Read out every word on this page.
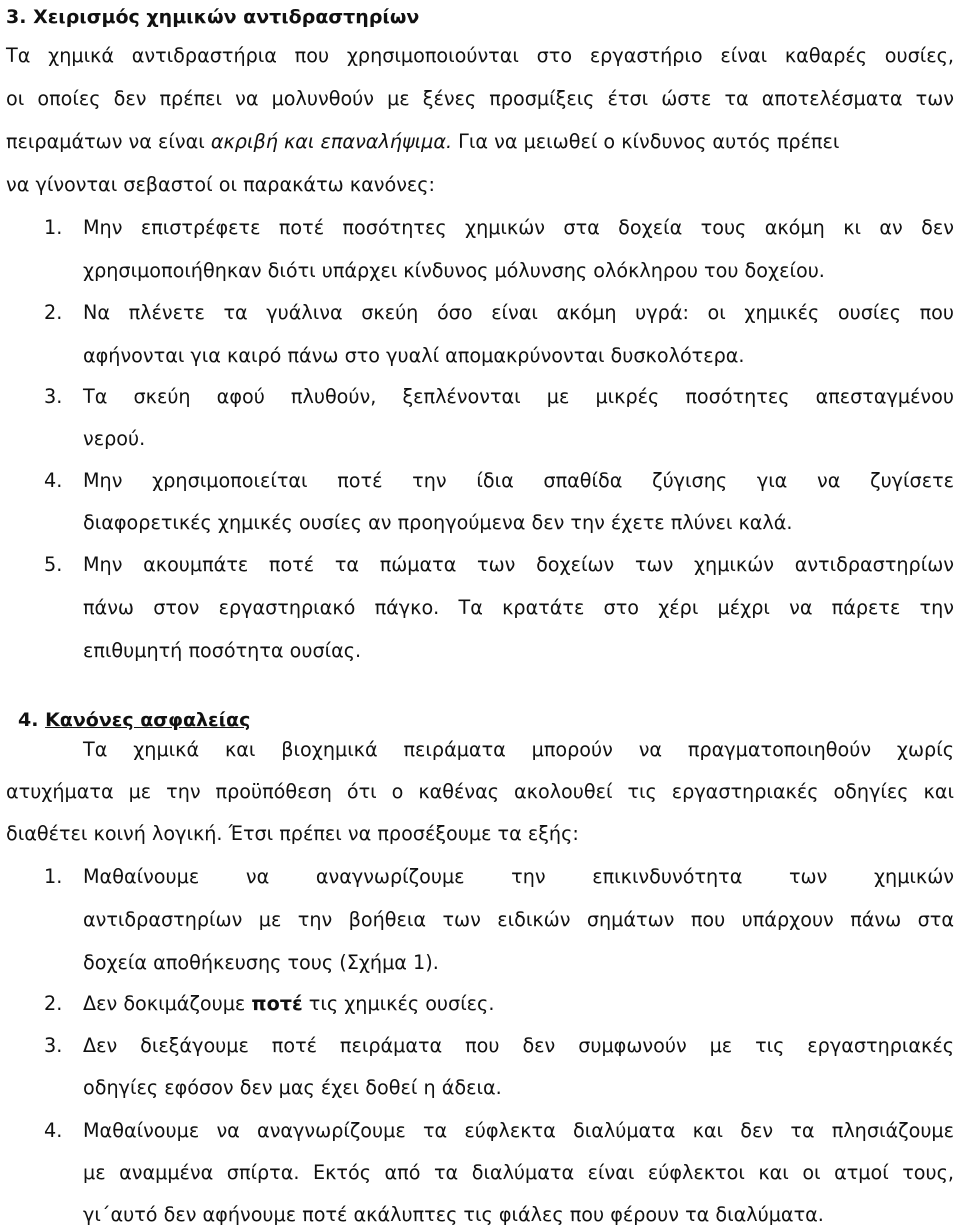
3. Χειρισμός χημικών αντιδραστηρίων
Τα χημικά αντιδραστήρια που χρησιμοποιούνται στο εργαστήριο είναι καθαρές ουσίες,
οι οποίες δεν πρέπει να μολυνθούν με ξένες προσμίξεις έτσι ώστε τα αποτελέσματα των
πειραμάτων να είναι ακριβή και επαναλήψιμα. Για να μειωθεί ο κίνδυνος αυτός πρέπει
να γίνονται σεβαστοί οι παρακάτω κανόνες:
1. Μην επιστρέφετε ποτέ ποσότητες χημικών στα δοχεία τους ακόμη κι αν δεν
χρησιμοποιήθηκαν διότι υπάρχει κίνδυνος μόλυνσης ολόκληρου του δοχείου.
2. Να πλένετε τα γυάλινα σκεύη όσο είναι ακόμη υγρά: οι χημικές ουσίες που
αφήνονται για καιρό πάνω στο γυαλί απομακρύνονται δυσκολότερα.
3. Τα σκεύη αφού πλυθούν, ξεπλένονται με μικρές ποσότητες απεσταγμένου
νερού.
4. Μην χρησιμοποιείται ποτέ την ίδια σπαθίδα ζύγισης για να ζυγίσετε
διαφορετικές χημικές ουσίες αν προηγούμενα δεν την έχετε πλύνει καλά.
5. Μην ακουμπάτε ποτέ τα πώματα των δοχείων των χημικών αντιδραστηρίων
πάνω στον εργαστηριακό πάγκο. Τα κρατάτε στο χέρι μέχρι να πάρετε την
επιθυμητή ποσότητα ουσίας.
4. Κανόνες ασφαλείας
Τα χημικά και βιοχημικά πειράματα μπορούν να πραγματοποιηθούν χωρίς
ατυχήματα με την προϋπόθεση ότι ο καθένας ακολουθεί τις εργαστηριακές οδηγίες και
διαθέτει κοινή λογική. Έτσι πρέπει να προσέξουμε τα εξής:
1. Μαθαίνουμε να αναγνωρίζουμε την επικινδυνότητα των χημικών
αντιδραστηρίων με την βοήθεια των ειδικών σημάτων που υπάρχουν πάνω στα
δοχεία αποθήκευσης τους (Σχήμα 1).
2. Δεν δοκιμάζουμε ποτέ τις χημικές ουσίες.
3. Δεν διεξάγουμε ποτέ πειράματα που δεν συμφωνούν με τις εργαστηριακές
οδηγίες εφόσον δεν μας έχει δοθεί η άδεια.
4. Μαθαίνουμε να αναγνωρίζουμε τα εύφλεκτα διαλύματα και δεν τα πλησιάζουμε
με αναμμένα σπίρτα. Εκτός από τα διαλύματα είναι εύφλεκτοι και οι ατμοί τους,
γι΄αυτό δεν αφήνουμε ποτέ ακάλυπτες τις φιάλες που φέρουν τα διαλύματα.
